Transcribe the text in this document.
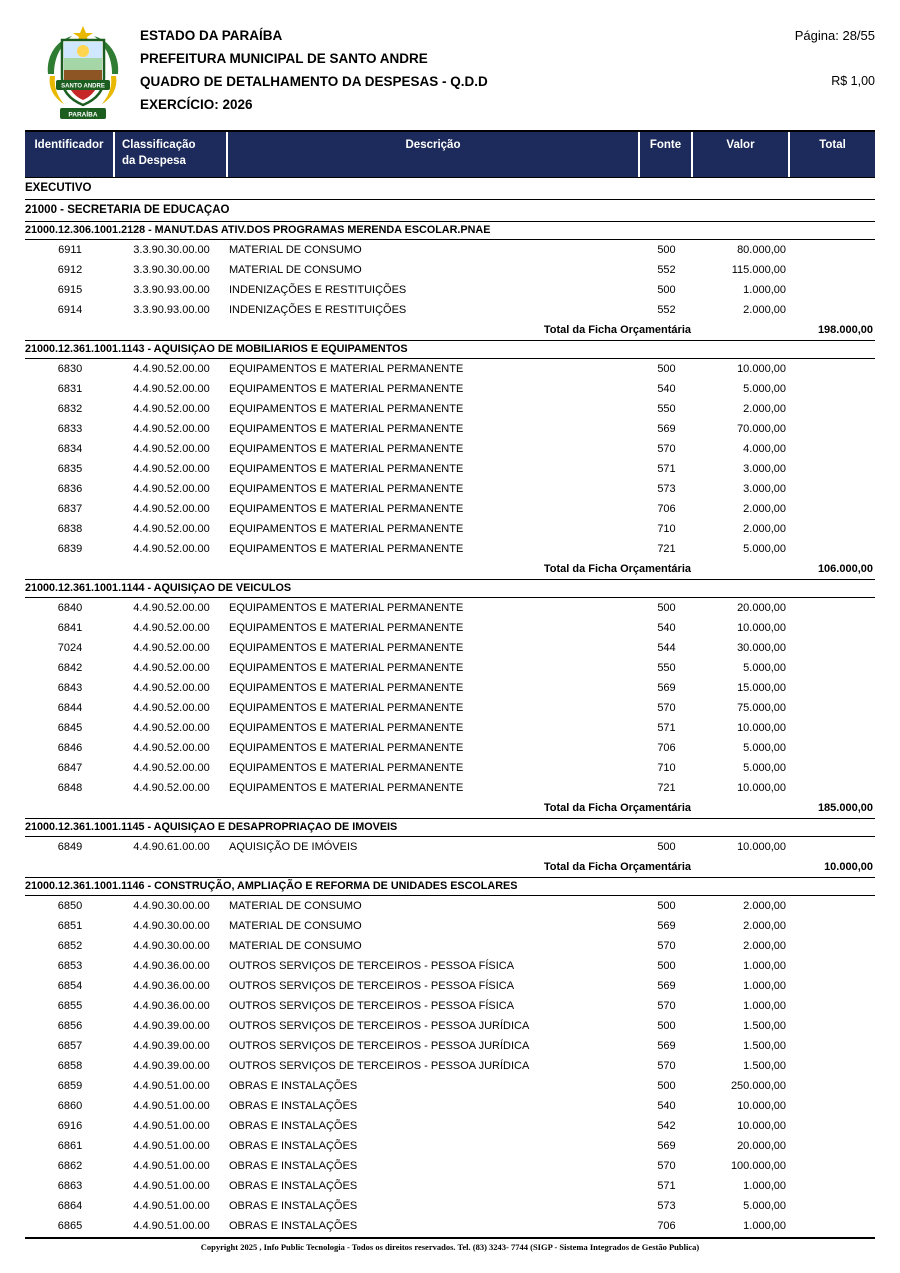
SANTO ANDRE
PARAÍBA
ESTADO DA PARAÍBA
PREFEITURA MUNICIPAL DE SANTO ANDRE
QUADRO DE DETALHAMENTO DA DESPESAS - Q.D.D
EXERCÍCIO: 2026
Página: 28/55
R$ 1,00
Identificador	Classificação
da Despesa
Descrição	Fonte	Valor	Total
EXECUTIVO
21000 - SECRETARIA DE EDUCAÇAO
21000.12.306.1001.2128 - MANUT.DAS ATIV.DOS PROGRAMAS MERENDA ESCOLAR.PNAE
6911	3.3.90.30.00.00	MATERIAL DE CONSUMO	500	80.000,00
6912	3.3.90.30.00.00	MATERIAL DE CONSUMO	552	115.000,00
6915	3.3.90.93.00.00	INDENIZAÇÕES E RESTITUIÇÕES	500	1.000,00
6914	3.3.90.93.00.00	INDENIZAÇÕES E RESTITUIÇÕES	552	2.000,00
Total da Ficha Orçamentária	198.000,00
21000.12.361.1001.1143 - AQUISIÇAO DE MOBILIARIOS E EQUIPAMENTOS
6830	4.4.90.52.00.00	EQUIPAMENTOS E MATERIAL PERMANENTE	500	10.000,00
6831	4.4.90.52.00.00	EQUIPAMENTOS E MATERIAL PERMANENTE	540	5.000,00
6832	4.4.90.52.00.00	EQUIPAMENTOS E MATERIAL PERMANENTE	550	2.000,00
6833	4.4.90.52.00.00	EQUIPAMENTOS E MATERIAL PERMANENTE	569	70.000,00
6834	4.4.90.52.00.00	EQUIPAMENTOS E MATERIAL PERMANENTE	570	4.000,00
6835	4.4.90.52.00.00	EQUIPAMENTOS E MATERIAL PERMANENTE	571	3.000,00
6836	4.4.90.52.00.00	EQUIPAMENTOS E MATERIAL PERMANENTE	573	3.000,00
6837	4.4.90.52.00.00	EQUIPAMENTOS E MATERIAL PERMANENTE	706	2.000,00
6838	4.4.90.52.00.00	EQUIPAMENTOS E MATERIAL PERMANENTE	710	2.000,00
6839	4.4.90.52.00.00	EQUIPAMENTOS E MATERIAL PERMANENTE	721	5.000,00
Total da Ficha Orçamentária	106.000,00
21000.12.361.1001.1144 - AQUISIÇAO DE VEICULOS
6840	4.4.90.52.00.00	EQUIPAMENTOS E MATERIAL PERMANENTE	500	20.000,00
6841	4.4.90.52.00.00	EQUIPAMENTOS E MATERIAL PERMANENTE	540	10.000,00
7024	4.4.90.52.00.00	EQUIPAMENTOS E MATERIAL PERMANENTE	544	30.000,00
6842	4.4.90.52.00.00	EQUIPAMENTOS E MATERIAL PERMANENTE	550	5.000,00
6843	4.4.90.52.00.00	EQUIPAMENTOS E MATERIAL PERMANENTE	569	15.000,00
6844	4.4.90.52.00.00	EQUIPAMENTOS E MATERIAL PERMANENTE	570	75.000,00
6845	4.4.90.52.00.00	EQUIPAMENTOS E MATERIAL PERMANENTE	571	10.000,00
6846	4.4.90.52.00.00	EQUIPAMENTOS E MATERIAL PERMANENTE	706	5.000,00
6847	4.4.90.52.00.00	EQUIPAMENTOS E MATERIAL PERMANENTE	710	5.000,00
6848	4.4.90.52.00.00	EQUIPAMENTOS E MATERIAL PERMANENTE	721	10.000,00
Total da Ficha Orçamentária	185.000,00
21000.12.361.1001.1145 - AQUISIÇAO E DESAPROPRIAÇAO DE IMOVEIS
6849	4.4.90.61.00.00	AQUISIÇÃO DE IMÓVEIS	500	10.000,00
Total da Ficha Orçamentária	10.000,00
21000.12.361.1001.1146 - CONSTRUÇÃO, AMPLIAÇÃO E REFORMA DE UNIDADES ESCOLARES
6850	4.4.90.30.00.00	MATERIAL DE CONSUMO	500	2.000,00
6851	4.4.90.30.00.00	MATERIAL DE CONSUMO	569	2.000,00
6852	4.4.90.30.00.00	MATERIAL DE CONSUMO	570	2.000,00
6853	4.4.90.36.00.00	OUTROS SERVIÇOS DE TERCEIROS - PESSOA FÍSICA	500	1.000,00
6854	4.4.90.36.00.00	OUTROS SERVIÇOS DE TERCEIROS - PESSOA FÍSICA	569	1.000,00
6855	4.4.90.36.00.00	OUTROS SERVIÇOS DE TERCEIROS - PESSOA FÍSICA	570	1.000,00
6856	4.4.90.39.00.00	OUTROS SERVIÇOS DE TERCEIROS - PESSOA JURÍDICA	500	1.500,00
6857	4.4.90.39.00.00	OUTROS SERVIÇOS DE TERCEIROS - PESSOA JURÍDICA	569	1.500,00
6858	4.4.90.39.00.00	OUTROS SERVIÇOS DE TERCEIROS - PESSOA JURÍDICA	570	1.500,00
6859	4.4.90.51.00.00	OBRAS E INSTALAÇÕES	500	250.000,00
6860	4.4.90.51.00.00	OBRAS E INSTALAÇÕES	540	10.000,00
6916	4.4.90.51.00.00	OBRAS E INSTALAÇÕES	542	10.000,00
6861	4.4.90.51.00.00	OBRAS E INSTALAÇÕES	569	20.000,00
6862	4.4.90.51.00.00	OBRAS E INSTALAÇÕES	570	100.000,00
6863	4.4.90.51.00.00	OBRAS E INSTALAÇÕES	571	1.000,00
6864	4.4.90.51.00.00	OBRAS E INSTALAÇÕES	573	5.000,00
6865	4.4.90.51.00.00	OBRAS E INSTALAÇÕES	706	1.000,00
Copyright 2025 , Info Public Tecnologia - Todos os direitos reservados. Tel. (83) 3243- 7744 (SIGP - Sistema Integrados de Gestão Publica)
